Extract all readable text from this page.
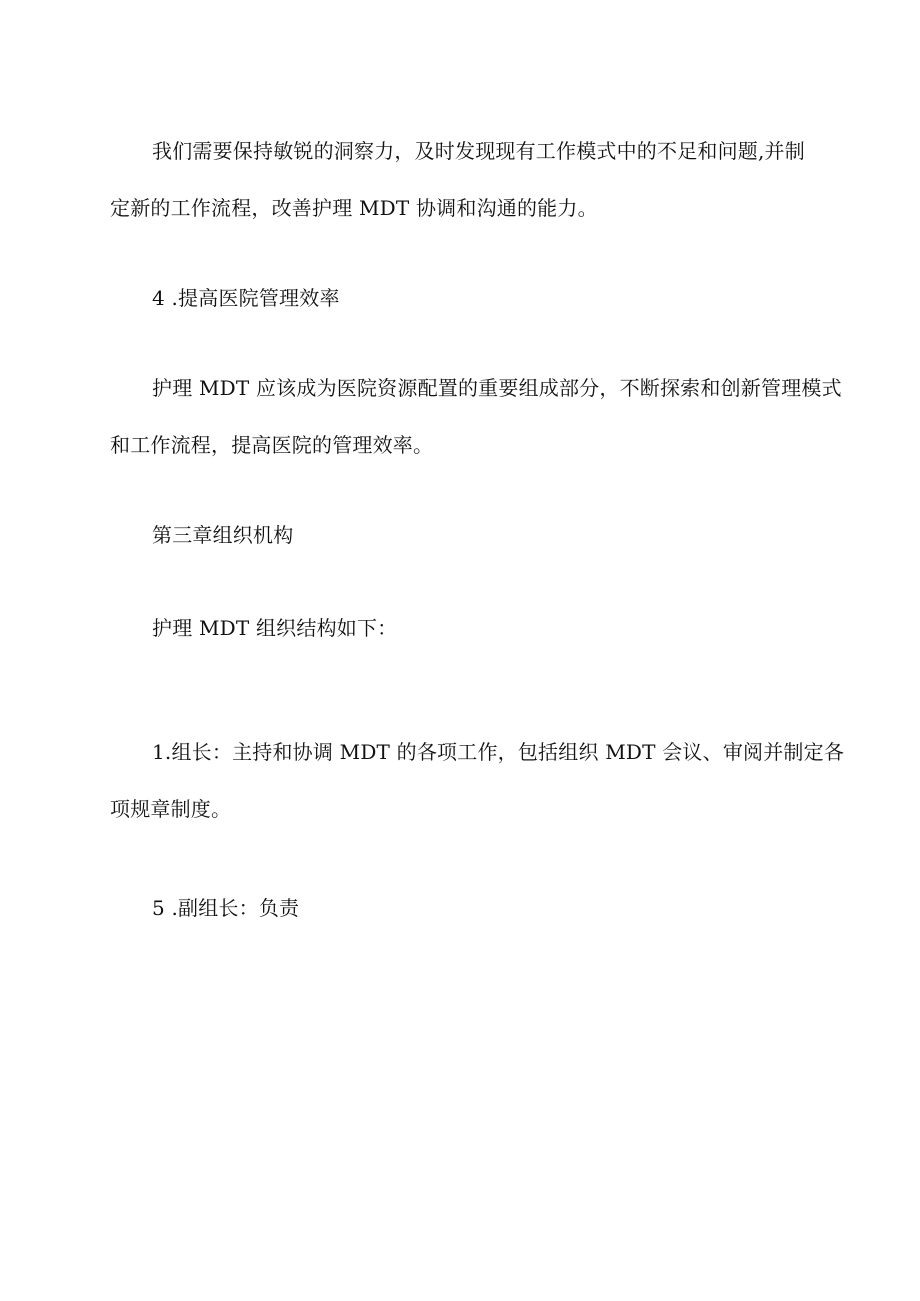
我们需要保持敏锐的洞察力，及时发现现有工作模式中的不足和问题,并制

定新的工作流程，改善护理 MDT 协调和沟通的能力。

4 .提高医院管理效率

护理 MDT 应该成为医院资源配置的重要组成部分，不断探索和创新管理模式

和工作流程，提高医院的管理效率。

第三章组织机构

护理 MDT 组织结构如下：

1.组长：主持和协调 MDT 的各项工作，包括组织 MDT 会议、审阅并制定各

项规章制度。

5 .副组长：负责
